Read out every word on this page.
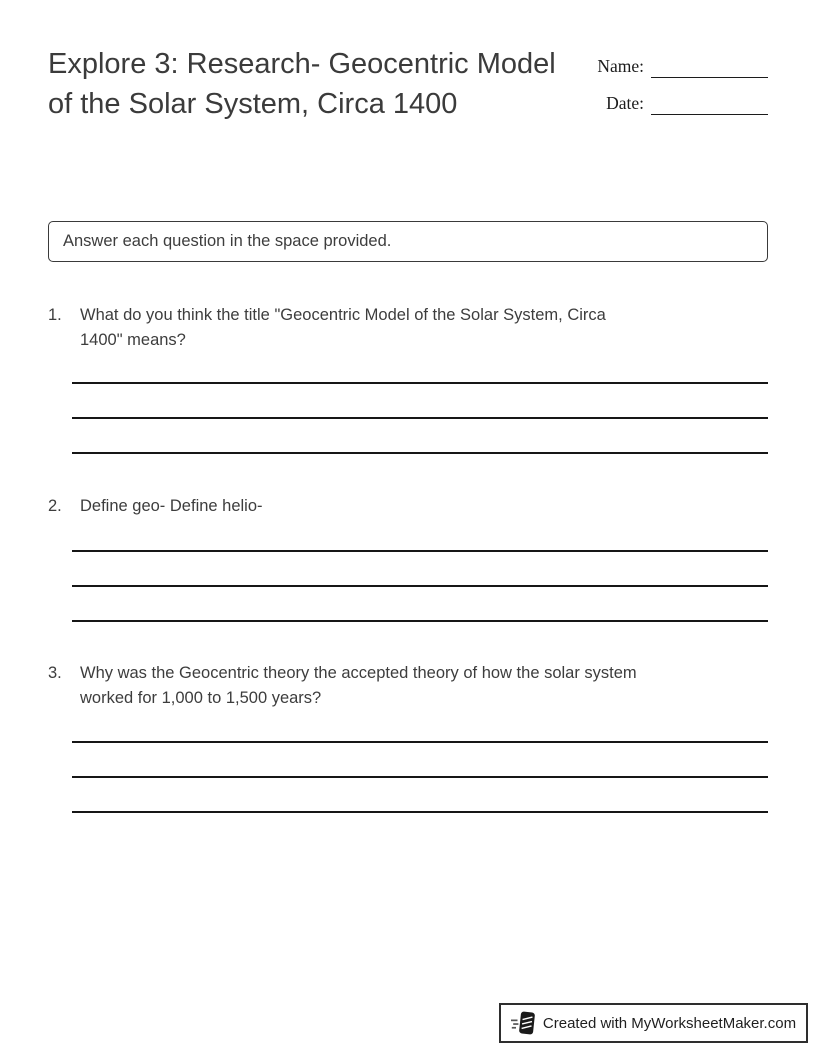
Explore 3: Research- Geocentric Model of the Solar System, Circa 1400
Name:
Date:
Answer each question in the space provided.
1.	What do you think the title "Geocentric Model of the Solar System, Circa
1400" means?
2.	Define geo- Define helio-
3.	Why was the Geocentric theory the accepted theory of how the solar system
worked for 1,000 to 1,500 years?
Created with MyWorksheetMaker.com
